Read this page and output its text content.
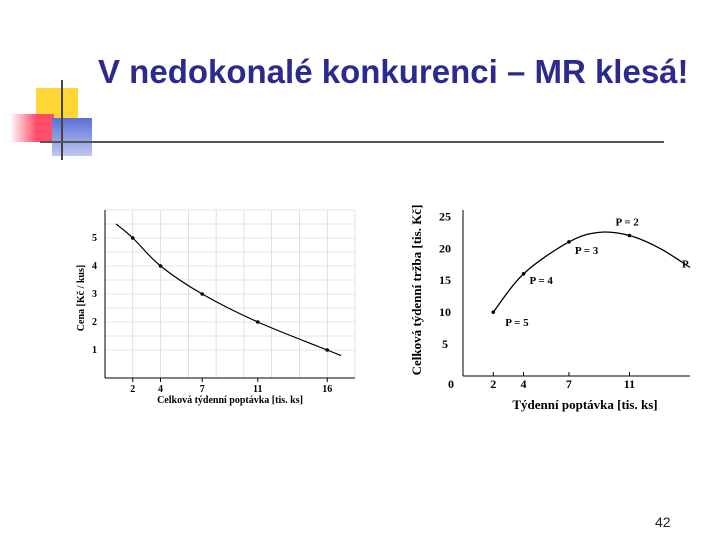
V nedokonalé konkurenci – MR klesá!
2 4	7	11	16
1
2
3
4
5
Celková týdenní poptávka [tis. ks]
Cena [Kč / kus]
0	2 4	7	11
5
10
15
20
25
P = 5
P = 4
P = 3
P = 2
P
Týdenní poptávka [tis. ks]
Celková týdenní tržba [tis. Kč]
42
